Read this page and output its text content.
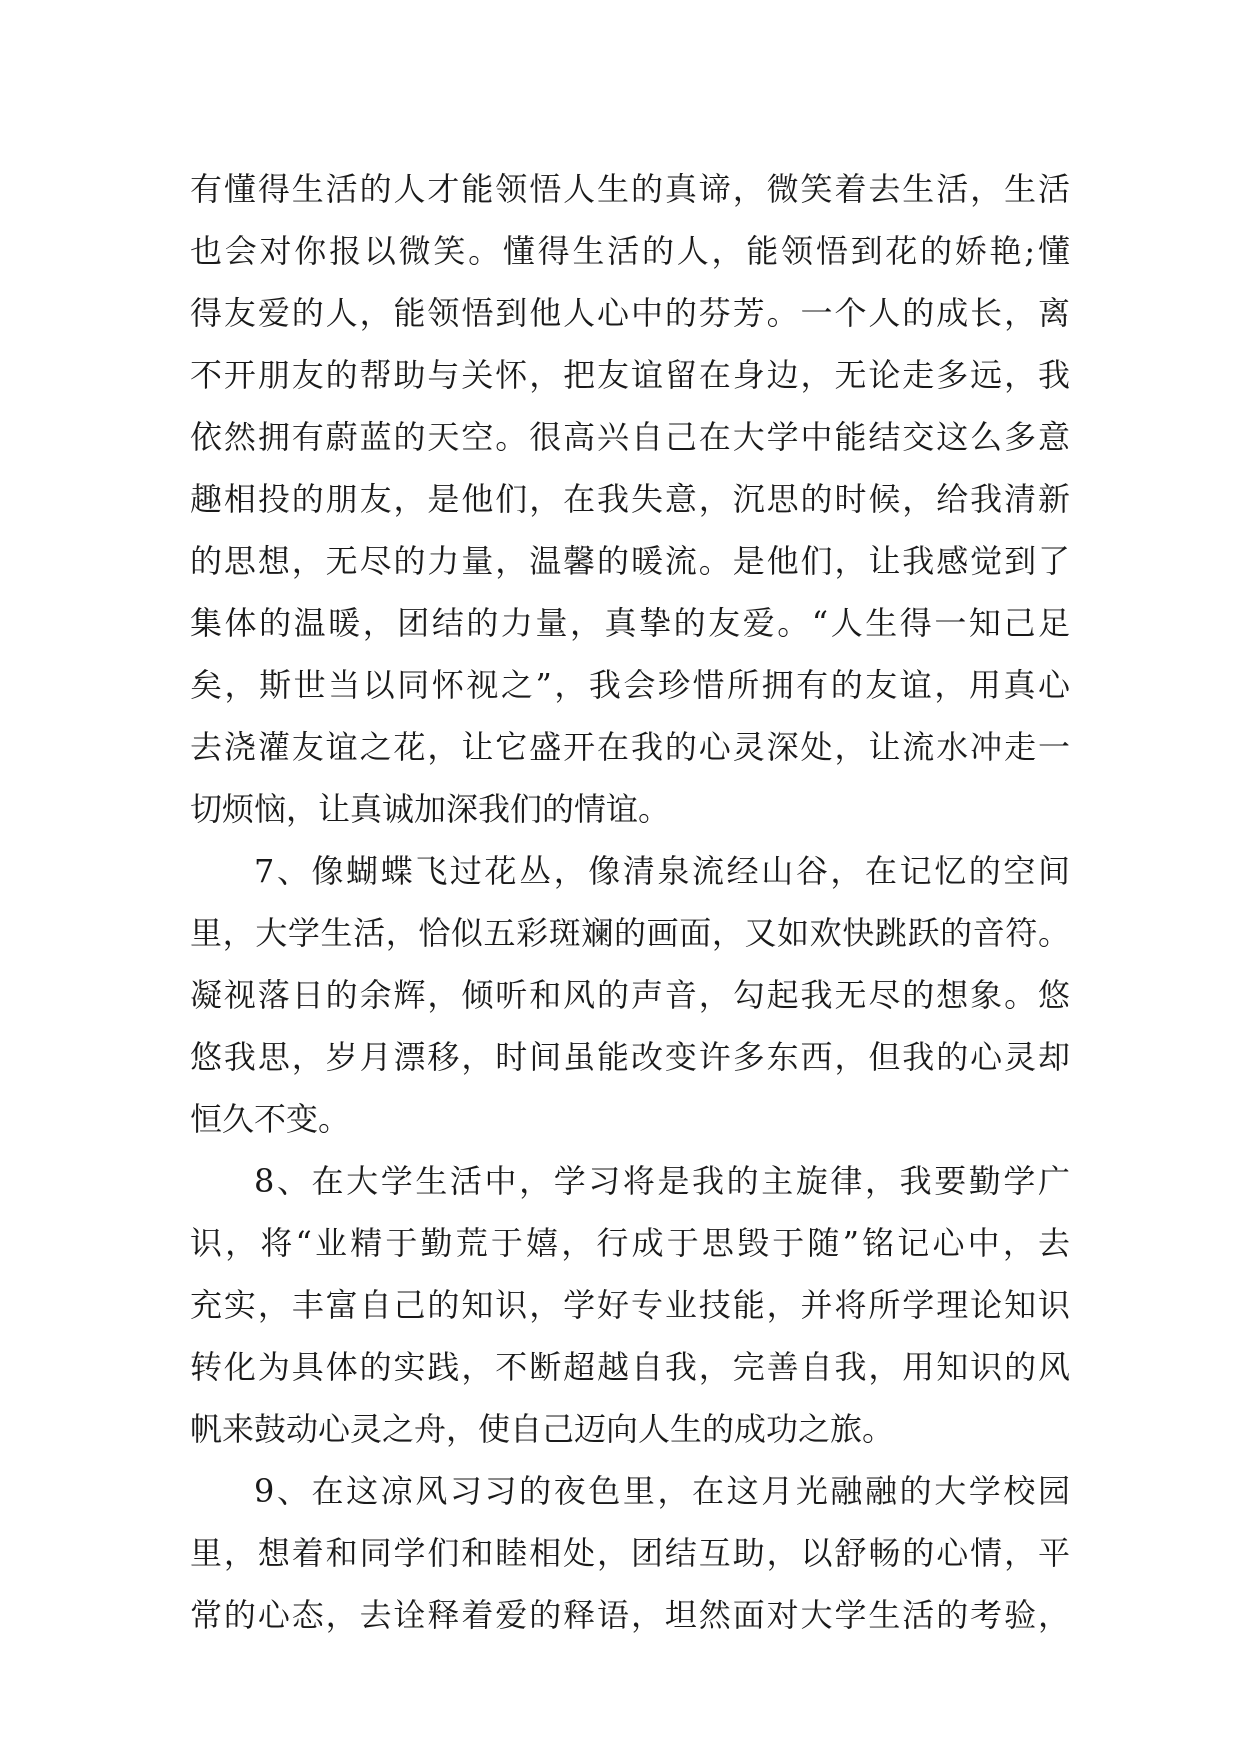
有懂得生活的人才能领悟人生的真谛，微笑着去生活，生活
也会对你报以微笑。懂得生活的人，能领悟到花的娇艳;懂
得友爱的人，能领悟到他人心中的芬芳。一个人的成长，离
不开朋友的帮助与关怀，把友谊留在身边，无论走多远，我
依然拥有蔚蓝的天空。很高兴自己在大学中能结交这么多意
趣相投的朋友，是他们，在我失意，沉思的时候，给我清新
的思想，无尽的力量，温馨的暖流。是他们，让我感觉到了
集体的温暖，团结的力量，真挚的友爱。“人生得一知己足
矣，斯世当以同怀视之”，我会珍惜所拥有的友谊，用真心
去浇灌友谊之花，让它盛开在我的心灵深处，让流水冲走一
切烦恼，让真诚加深我们的情谊。
7、像蝴蝶飞过花丛，像清泉流经山谷，在记忆的空间
里，大学生活，恰似五彩斑斓的画面，又如欢快跳跃的音符。
凝视落日的余辉，倾听和风的声音，勾起我无尽的想象。悠
悠我思，岁月漂移，时间虽能改变许多东西，但我的心灵却
恒久不变。
8、在大学生活中，学习将是我的主旋律，我要勤学广
识，将“业精于勤荒于嬉，行成于思毁于随”铭记心中，去
充实，丰富自己的知识，学好专业技能，并将所学理论知识
转化为具体的实践，不断超越自我，完善自我，用知识的风
帆来鼓动心灵之舟，使自己迈向人生的成功之旅。
9、在这凉风习习的夜色里，在这月光融融的大学校园
里，想着和同学们和睦相处，团结互助，以舒畅的心情，平
常的心态，去诠释着爱的释语，坦然面对大学生活的考验，
